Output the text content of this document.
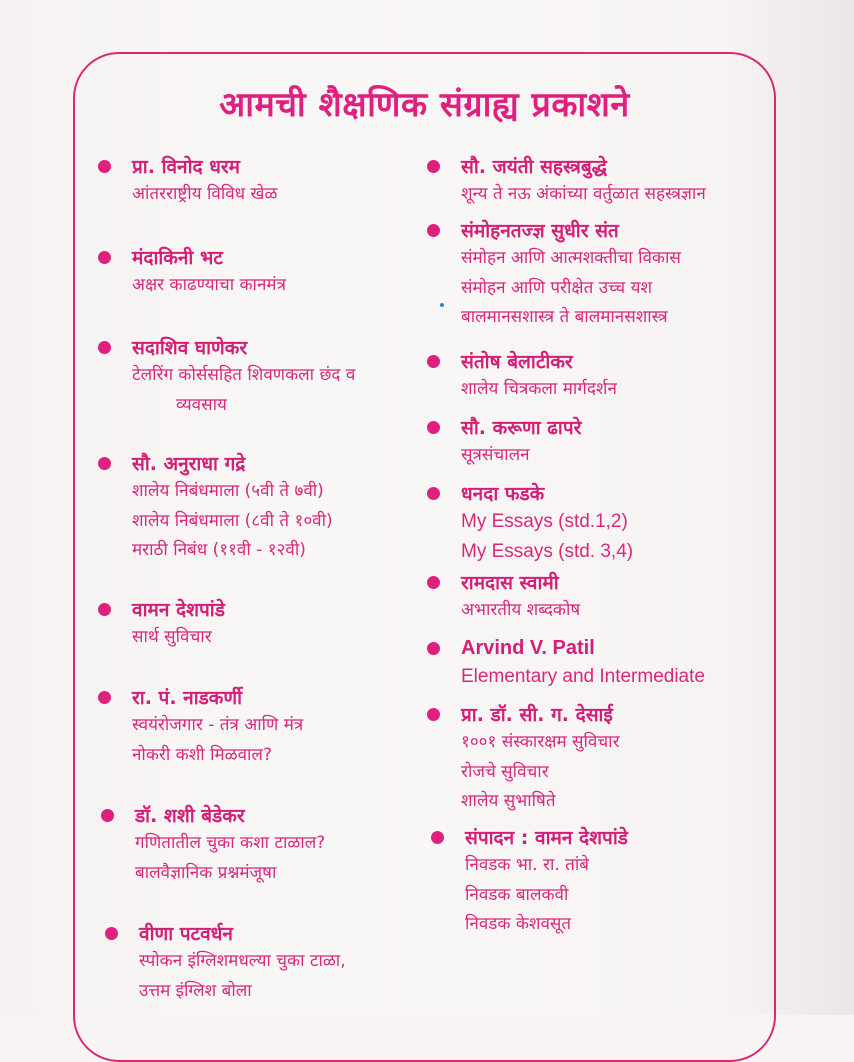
आमची शैक्षणिक संग्राह्य प्रकाशने
प्रा. विनोद धरम
आंतरराष्ट्रीय विविध खेळ
मंदाकिनी भट
अक्षर काढण्याचा कानमंत्र
सदाशिव घाणेकर
टेलरिंग कोर्ससहित शिवणकला छंद व
व्यवसाय
सौ. अनुराधा गद्रे
शालेय निबंधमाला (५वी ते ७वी)
शालेय निबंधमाला (८वी ते १०वी)
मराठी निबंध (११वी - १२वी)
वामन देशपांडे
सार्थ सुविचार
रा. पं. नाडकर्णी
स्वयंरोजगार - तंत्र आणि मंत्र
नोकरी कशी मिळवाल?
डॉ. शशी बेडेकर
गणितातील चुका कशा टाळाल?
बालवैज्ञानिक प्रश्नमंजूषा
वीणा पटवर्धन
स्पोकन इंग्लिशमधल्या चुका टाळा,
उत्तम इंग्लिश बोला
सौ. जयंती सहस्त्रबुद्धे
शून्य ते नऊ अंकांच्या वर्तुळात सहस्त्रज्ञान
संमोहनतज्ज्ञ सुधीर संत
संमोहन आणि आत्मशक्तीचा विकास
संमोहन आणि परीक्षेत उच्च यश
बालमानसशास्त्र ते बालमानसशास्त्र
संतोष बेलाटीकर
शालेय चित्रकला मार्गदर्शन
सौ. करूणा ढापरे
सूत्रसंचालन
धनदा फडके
My Essays (std.1,2)
My Essays (std. 3,4)
रामदास स्वामी
अभारतीय शब्दकोष
Arvind V. Patil
Elementary and Intermediate
प्रा. डॉ. सी. ग. देसाई
१००१ संस्कारक्षम सुविचार
रोजचे सुविचार
शालेय सुभाषिते
संपादन : वामन देशपांडे
निवडक भा. रा. तांबे
निवडक बालकवी
निवडक केशवसूत
